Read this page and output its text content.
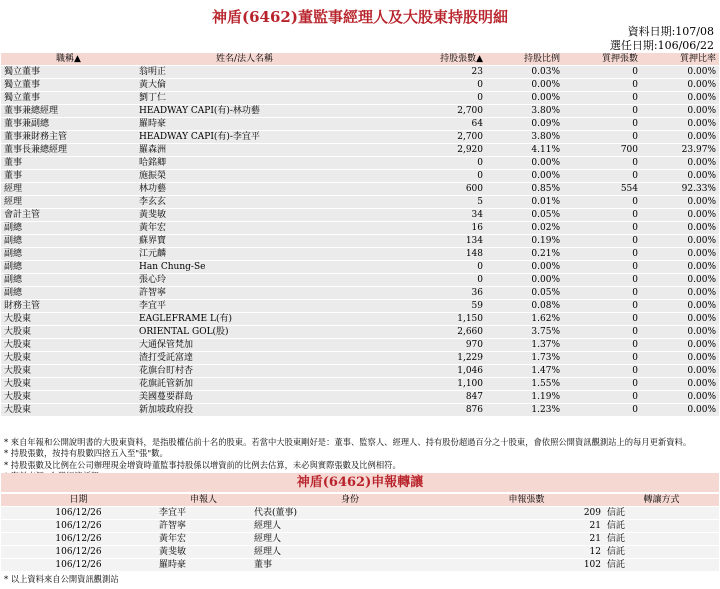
神盾(6462)董監事經理人及大股東持股明細
資料日期:107/08
選任日期:106/06/22
職稱▲	姓名/法人名稱	持股張數▲	持股比例	質押張數	質押比率
獨立董事	翁明正	23	0.03%	0	0.00%
獨立董事	黃大倫	0	0.00%	0	0.00%
獨立董事	劉丁仁	0	0.00%	0	0.00%
董事兼總經理	HEADWAY CAPI(有)-林功藝	2,700	3.80%	0	0.00%
董事兼副總	羅時豪	64	0.09%	0	0.00%
董事兼財務主管	HEADWAY CAPI(有)-李宜平	2,700	3.80%	0	0.00%
董事長兼總經理	羅森洲	2,920	4.11%	700	23.97%
董事	哈銘卿	0	0.00%	0	0.00%
董事	施振榮	0	0.00%	0	0.00%
經理	林功藝	600	0.85%	554	92.33%
經理	李玄玄	5	0.01%	0	0.00%
會計主管	黃斐敏	34	0.05%	0	0.00%
副總	黃年宏	16	0.02%	0	0.00%
副總	蘇界寶	134	0.19%	0	0.00%
副總	江元麟	148	0.21%	0	0.00%
副總	Han Chung-Se	0	0.00%	0	0.00%
副總	張心玲	0	0.00%	0	0.00%
副總	許智寧	36	0.05%	0	0.00%
財務主管	李宜平	59	0.08%	0	0.00%
大股東	EAGLEFRAME L(有)	1,150	1.62%	0	0.00%
大股東	ORIENTAL GOL(股)	2,660	3.75%	0	0.00%
大股東	大通保管梵加	970	1.37%	0	0.00%
大股東	渣打受託富達	1,229	1.73%	0	0.00%
大股東	花旗台盯村杏	1,046	1.47%	0	0.00%
大股東	花旗託管新加	1,100	1.55%	0	0.00%
大股東	美國蔓要群島	847	1.19%	0	0.00%
大股東	新加坡政府投	876	1.23%	0	0.00%
* 來自年報和公開說明書的大股東資料，是指股權佔前十名的股東。若當中大股東剛好是：董事、監察人、經理人、持有股份超過百分之十股東，會依照公開資訊觀測站上的每月更新資料。
* 持股張數，按持有股數四捨五入至"張"數。
* 持股張數及比例在公司辦理現金增資時董監事持股係以增資前的比例去估算，未必與實際張數及比例相符。
神盾(6462)申報轉讓
日期	申報人	身份	申報張數	轉讓方式
106/12/26	李宜平	代表(董事)	209	信託
106/12/26	許智寧	經理人	21	信託
106/12/26	黃年宏	經理人	21	信託
106/12/26	黃斐敏	經理人	12	信託
106/12/26	羅時豪	董事	102	信託
* 以上資料來自公開資訊觀測站
